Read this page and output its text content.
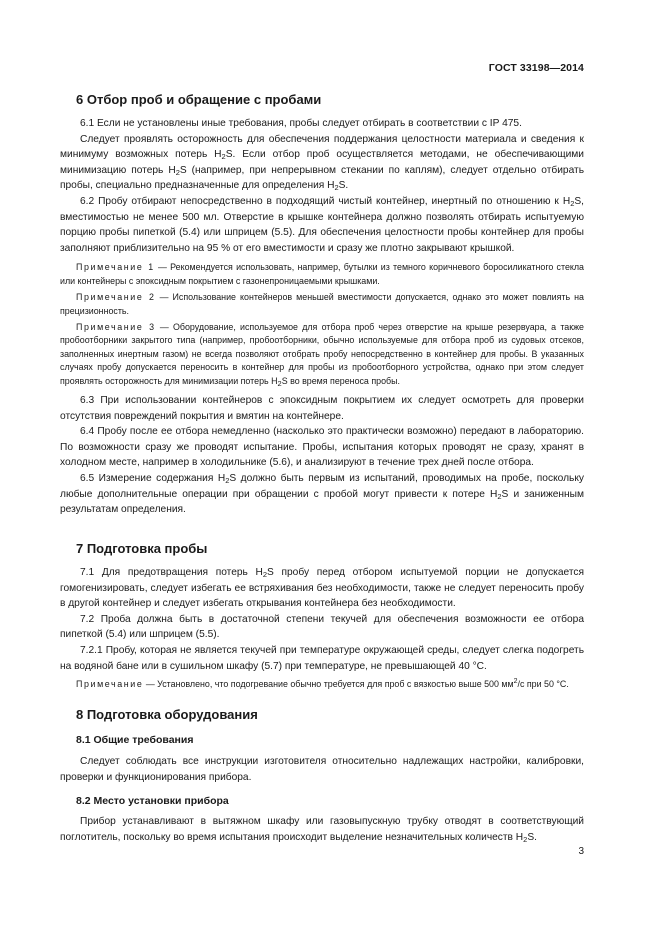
ГОСТ 33198—2014
6 Отбор проб и обращение с пробами

6.1 Если не установлены иные требования, пробы следует отбирать в соответствии с IP 475.

Следует проявлять осторожность для обеспечения поддержания целостности материала и сведения к минимуму возможных потерь $H_2S$. Если отбор проб осуществляется методами, не обеспечивающими минимизацию потерь $H_2S$ (например, при непрерывном стекании по каплям), следует отдельно отбирать пробы, специально предназначенные для определения $H_2S$.

6.2 Пробу отбирают непосредственно в подходящий чистый контейнер, инертный по отношению к $H_2S$, вместимостью не менее 500 мл. Отверстие в крышке контейнера должно позволять отбирать испытуемую порцию пробы пипеткой (5.4) или шприцем (5.5). Для обеспечения целостности пробы контейнер для пробы заполняют приблизительно на 95 % от его вместимости и сразу же плотно закрывают крышкой.

Примечание 1 — Рекомендуется использовать, например, бутылки из темного коричневого боросиликатного стекла или контейнеры с эпоксидным покрытием с газонепроницаемыми крышками.

Примечание 2 — Использование контейнеров меньшей вместимости допускается, однако это может повлиять на прецизионность.

Примечание 3 — Оборудование, используемое для отбора проб через отверстие на крыше резервуара, а также пробоотборники закрытого типа (например, пробоотборники, обычно используемые для отбора проб из судовых отсеков, заполненных инертным газом) не всегда позволяют отобрать пробу непосредственно в контейнер для пробы. В указанных случаях пробу допускается переносить в контейнер для пробы из пробоотборного устройства, однако при этом следует проявлять осторожность для минимизации потерь $H_2S$ во время переноса пробы.

6.3 При использовании контейнеров с эпоксидным покрытием их следует осмотреть для проверки отсутствия повреждений покрытия и вмятин на контейнере.

6.4 Пробу после ее отбора немедленно (насколько это практически возможно) передают в лабораторию. По возможности сразу же проводят испытание. Пробы, испытания которых проводят не сразу, хранят в холодном месте, например в холодильнике (5.6), и анализируют в течение трех дней после отбора.

6.5 Измерение содержания $H_2S$ должно быть первым из испытаний, проводимых на пробе, поскольку любые дополнительные операции при обращении с пробой могут привести к потере $H_2S$ и заниженным результатам определения.

7 Подготовка пробы

7.1 Для предотвращения потерь $H_2S$ пробу перед отбором испытуемой порции не допускается гомогенизировать, следует избегать ее встряхивания без необходимости, также не следует переносить пробу в другой контейнер и следует избегать открывания контейнера без необходимости.

7.2 Проба должна быть в достаточной степени текучей для обеспечения возможности ее отбора пипеткой (5.4) или шприцем (5.5).

7.2.1 Пробу, которая не является текучей при температуре окружающей среды, следует слегка подогреть на водяной бане или в сушильном шкафу (5.7) при температуре, не превышающей 40 °С.

Примечание — Установлено, что подогревание обычно требуется для проб с вязкостью выше 500 $мм^2/с$ при 50 °С.

8 Подготовка оборудования
8.1 Общие требования

Следует соблюдать все инструкции изготовителя относительно надлежащих настройки, калибровки, проверки и функционирования прибора.

8.2 Место установки прибора

Прибор устанавливают в вытяжном шкафу или газовыпускную трубку отводят в соответствующий поглотитель, поскольку во время испытания происходит выделение незначительных количеств $H_2S$.

3
